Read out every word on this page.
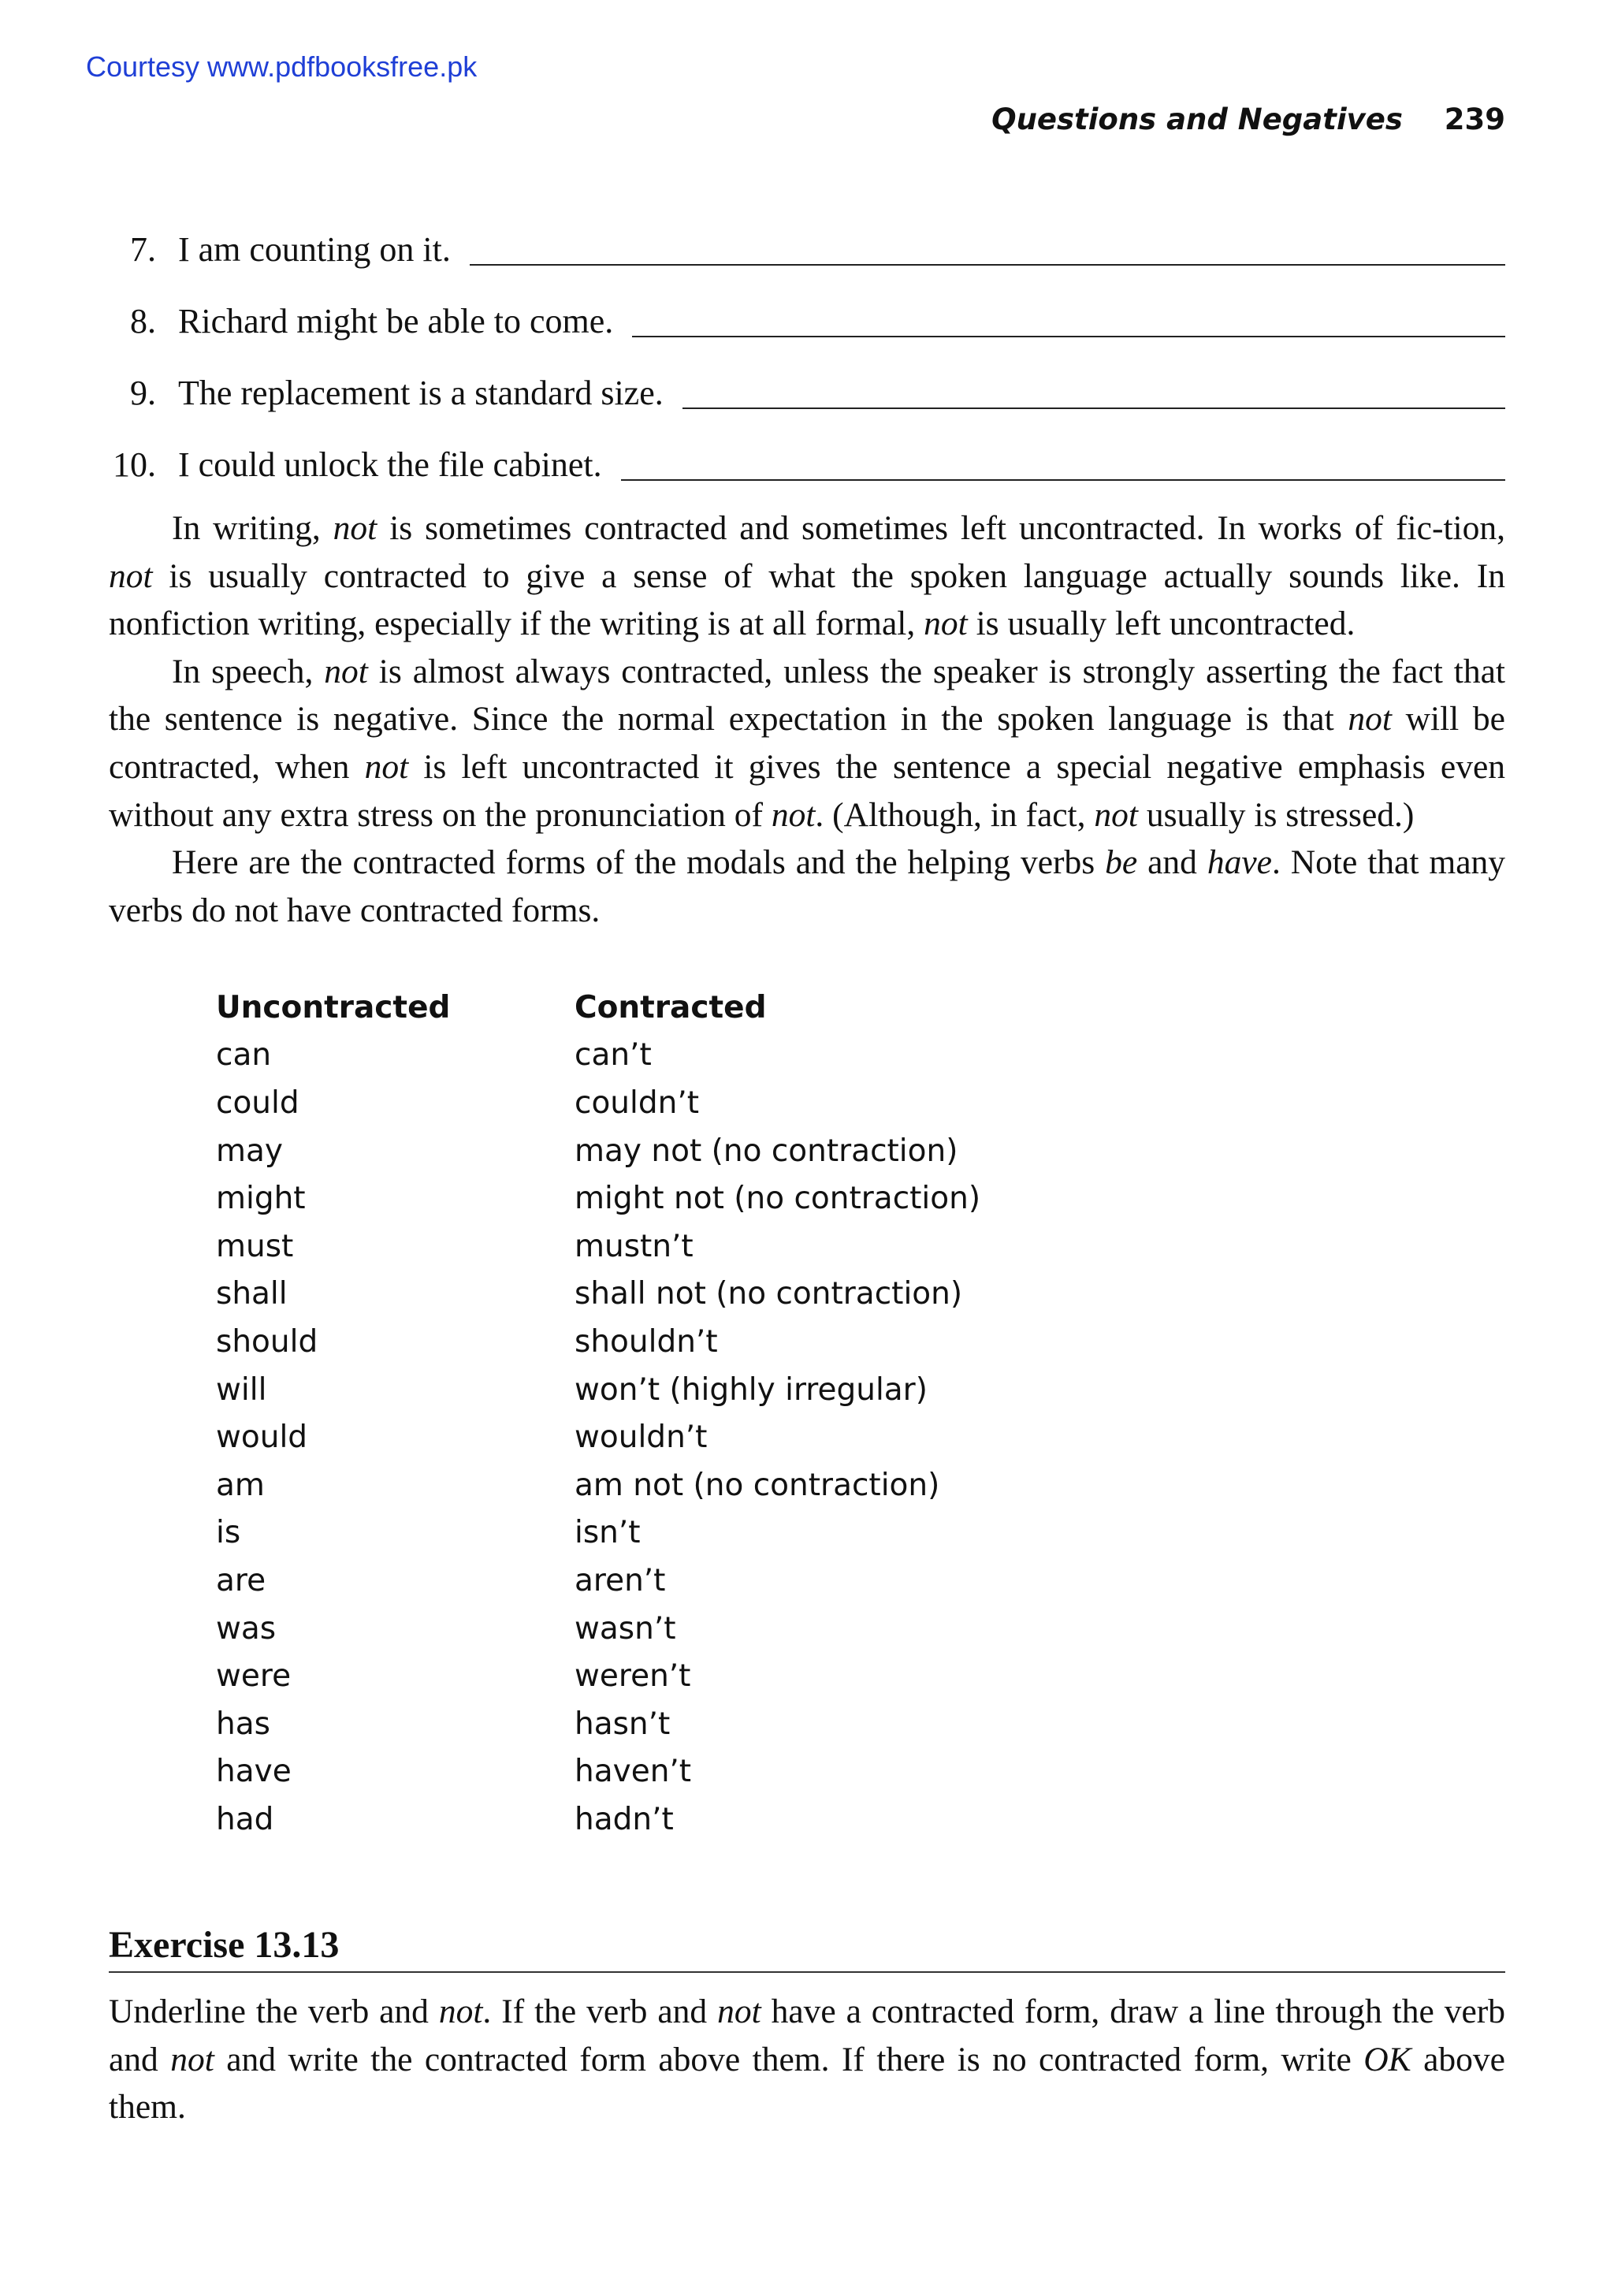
Courtesy www.pdfbooksfree.pk
Questions and Negatives 239
7. I am counting on it.
8. Richard might be able to come.
9. The replacement is a standard size.
10. I could unlock the file cabinet.

In writing, not is sometimes contracted and sometimes left uncontracted. In works of fic-tion, not is usually contracted to give a sense of what the spoken language actually sounds like. In nonfiction writing, especially if the writing is at all formal, not is usually left uncontracted.

In speech, not is almost always contracted, unless the speaker is strongly asserting the fact that the sentence is negative. Since the normal expectation in the spoken language is that not will be contracted, when not is left uncontracted it gives the sentence a special negative emphasis even without any extra stress on the pronunciation of not. (Although, in fact, not usually is stressed.)

Here are the contracted forms of the modals and the helping verbs be and have. Note that many verbs do not have contracted forms.

Uncontracted	Contracted
can	can’t
could	couldn’t
may	may not (no contraction)
might	might not (no contraction)
must	mustn’t
shall	shall not (no contraction)
should	shouldn’t
will	won’t (highly irregular)
would	wouldn’t
am	am not (no contraction)
is	isn’t
are	aren’t
was	wasn’t
were	weren’t
has	hasn’t
have	haven’t
had	hadn’t
Exercise 13.13

Underline the verb and not. If the verb and not have a contracted form, draw a line through the verb and not and write the contracted form above them. If there is no contracted form, write OK above them.
